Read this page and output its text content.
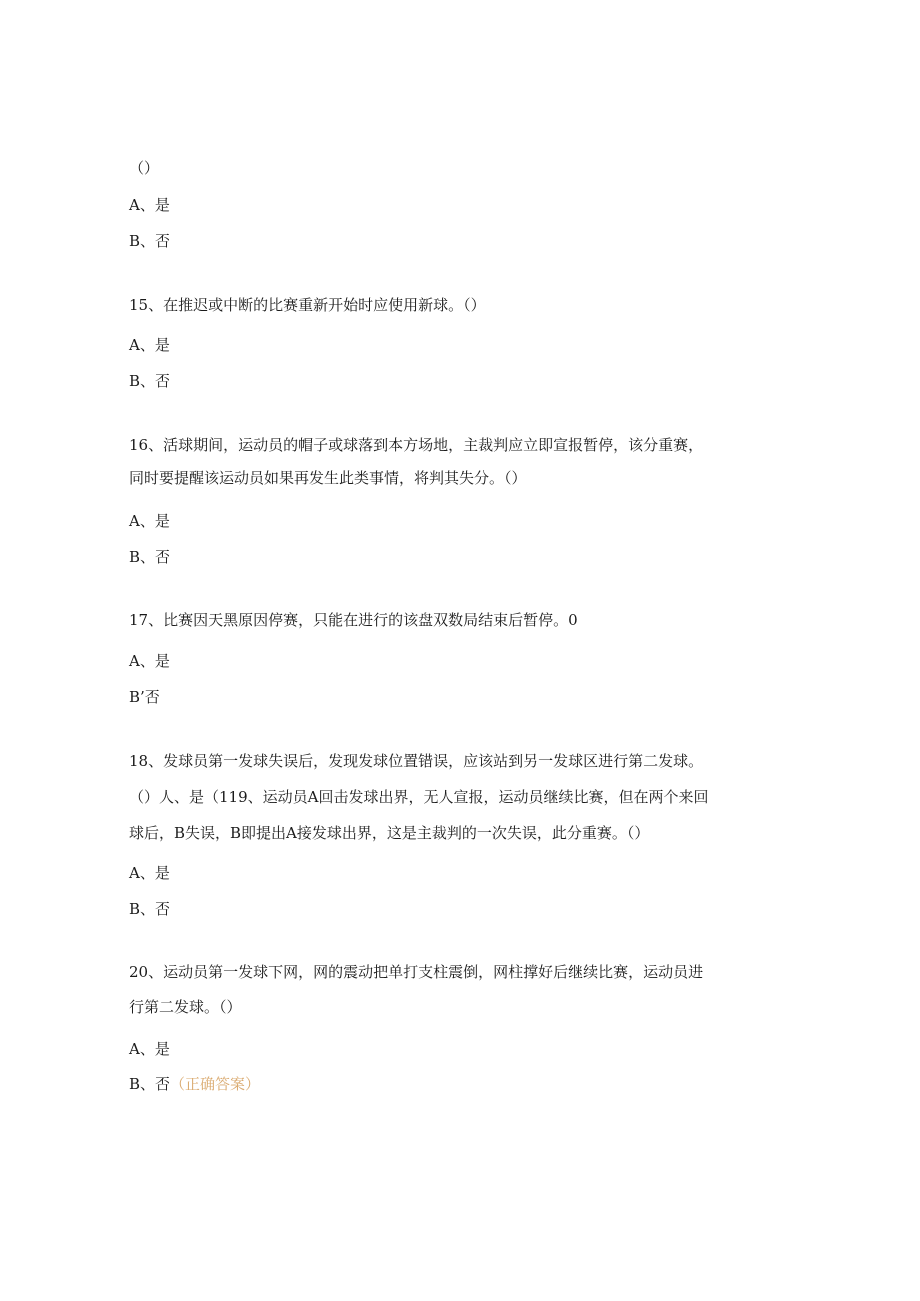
（）
A、是
B、否
15、在推迟或中断的比赛重新开始时应使用新球。（）
A、是
B、否
16、活球期间，运动员的帽子或球落到本方场地，主裁判应立即宣报暂停，该分重赛，
同时要提醒该运动员如果再发生此类事情，将判其失分。（）
A、是
B、否
17、比赛因天黑原因停赛，只能在进行的该盘双数局结束后暂停。0
A、是
B’否
18、发球员第一发球失误后，发现发球位置错误，应该站到另一发球区进行第二发球。
（）人、是（119、运动员A回击发球出界，无人宣报，运动员继续比赛，但在两个来回
球后，B失误，B即提出A接发球出界，这是主裁判的一次失误，此分重赛。（）
A、是
B、否
20、运动员第一发球下网，网的震动把单打支柱震倒，网柱撑好后继续比赛，运动员进
行第二发球。（）
A、是
B、否（正确答案）
